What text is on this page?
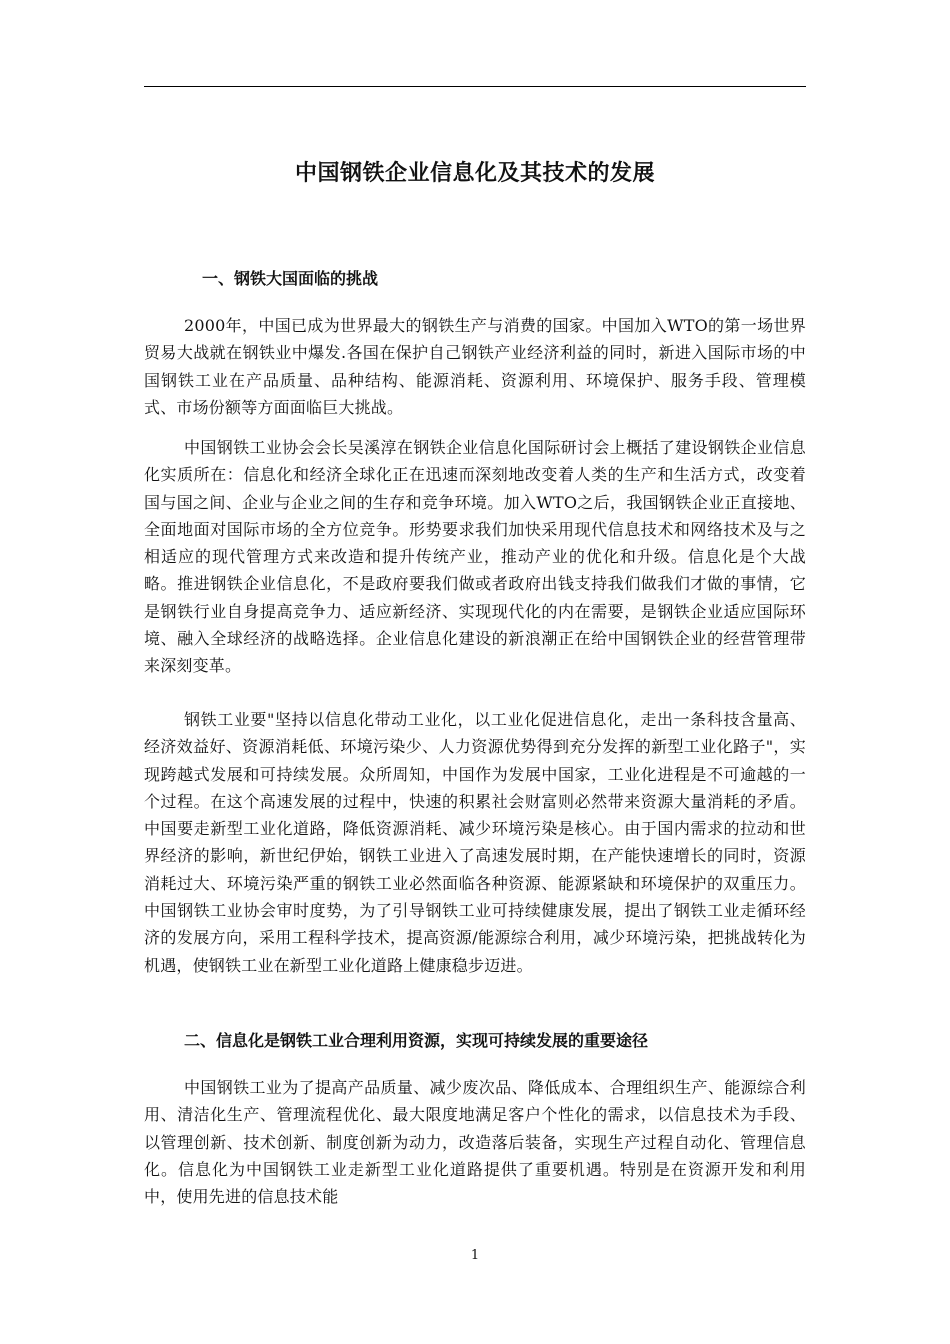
中国钢铁企业信息化及其技术的发展
一、钢铁大国面临的挑战

2000年，中国已成为世界最大的钢铁生产与消费的国家。中国加入WTO的第一场世界贸易大战就在钢铁业中爆发.各国在保护自己钢铁产业经济利益的同时，新进入国际市场的中国钢铁工业在产品质量、品种结构、能源消耗、资源利用、环境保护、服务手段、管理模式、市场份额等方面面临巨大挑战。

中国钢铁工业协会会长吴溪淳在钢铁企业信息化国际研讨会上概括了建设钢铁企业信息化实质所在：信息化和经济全球化正在迅速而深刻地改变着人类的生产和生活方式，改变着国与国之间、企业与企业之间的生存和竞争环境。加入WTO之后，我国钢铁企业正直接地、全面地面对国际市场的全方位竞争。形势要求我们加快采用现代信息技术和网络技术及与之相适应的现代管理方式来改造和提升传统产业，推动产业的优化和升级。信息化是个大战略。推进钢铁企业信息化，不是政府要我们做或者政府出钱支持我们做我们才做的事情，它是钢铁行业自身提高竞争力、适应新经济、实现现代化的内在需要，是钢铁企业适应国际环境、融入全球经济的战略选择。企业信息化建设的新浪潮正在给中国钢铁企业的经营管理带来深刻变革。

钢铁工业要"坚持以信息化带动工业化，以工业化促进信息化，走出一条科技含量高、经济效益好、资源消耗低、环境污染少、人力资源优势得到充分发挥的新型工业化路子"，实现跨越式发展和可持续发展。众所周知，中国作为发展中国家，工业化进程是不可逾越的一个过程。在这个高速发展的过程中，快速的积累社会财富则必然带来资源大量消耗的矛盾。中国要走新型工业化道路，降低资源消耗、减少环境污染是核心。由于国内需求的拉动和世界经济的影响，新世纪伊始，钢铁工业进入了高速发展时期，在产能快速增长的同时，资源消耗过大、环境污染严重的钢铁工业必然面临各种资源、能源紧缺和环境保护的双重压力。中国钢铁工业协会审时度势，为了引导钢铁工业可持续健康发展，提出了钢铁工业走循环经济的发展方向，采用工程科学技术，提高资源/能源综合利用，减少环境污染，把挑战转化为机遇，使钢铁工业在新型工业化道路上健康稳步迈进。

二、信息化是钢铁工业合理利用资源，实现可持续发展的重要途径

中国钢铁工业为了提高产品质量、减少废次品、降低成本、合理组织生产、能源综合利用、清洁化生产、管理流程优化、最大限度地满足客户个性化的需求，以信息技术为手段、以管理创新、技术创新、制度创新为动力，改造落后装备，实现生产过程自动化、管理信息化。信息化为中国钢铁工业走新型工业化道路提供了重要机遇。特别是在资源开发和利用中，使用先进的信息技术能

1
